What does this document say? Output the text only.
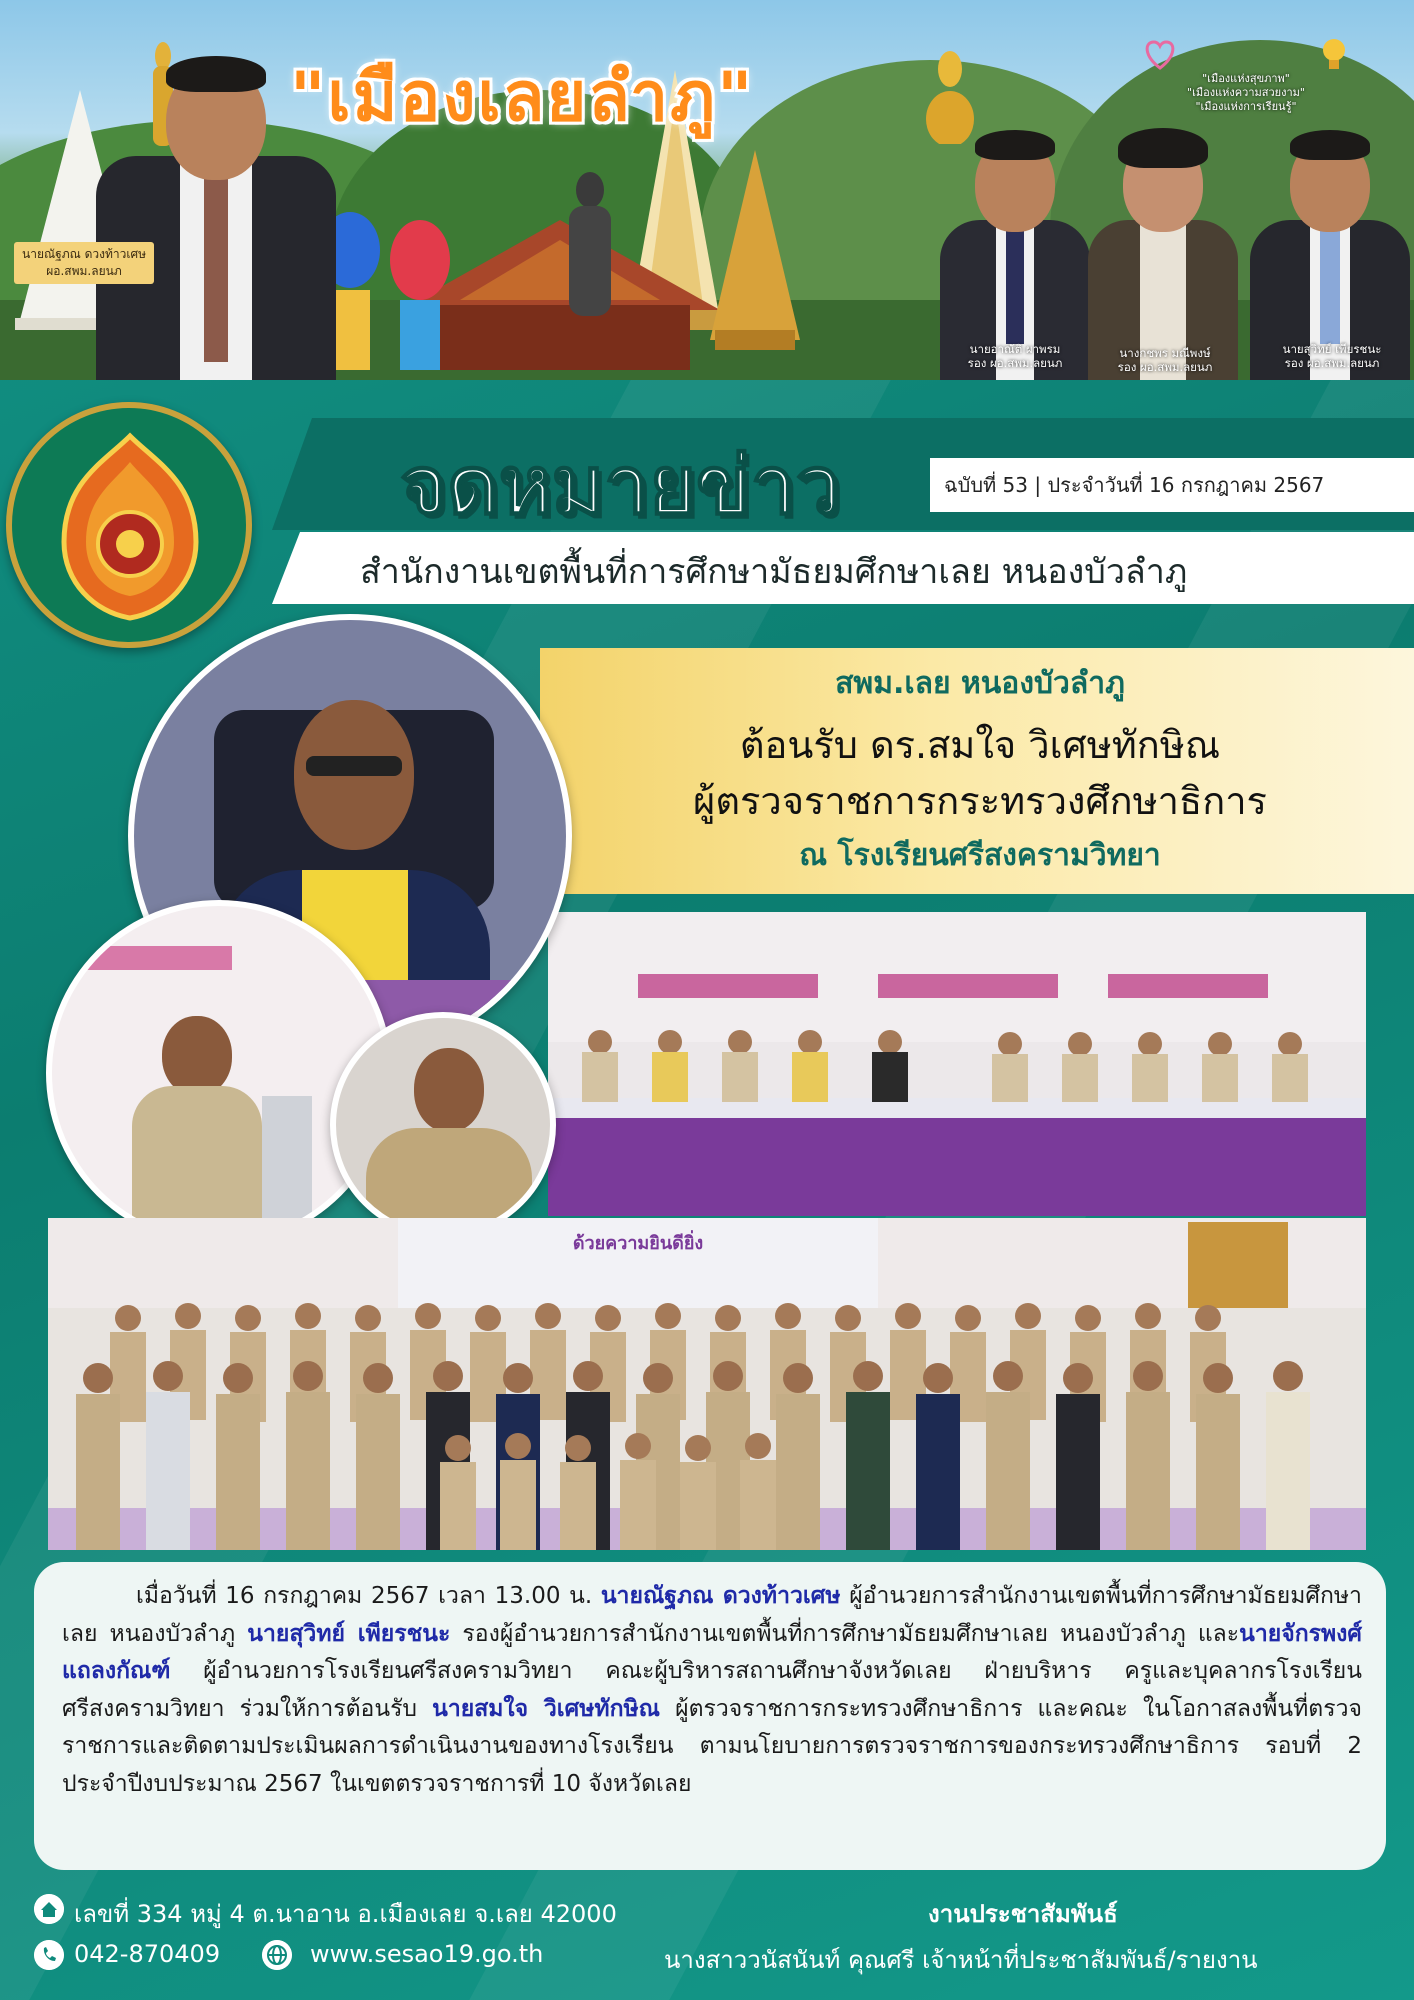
"เมืองเลยลำภู"
นายณัฐภณ ดวงท้าวเศษ
ผอ.สพม.ลยนภ
"เมืองแห่งสุขภาพ"
"เมืองแห่งความสวยงาม"
"เมืองแห่งการเรียนรู้"
นายอาณัติ ผาพรม
รอง ผอ.สพม.ลยนภ
นางกชพร มณีพงษ์
รอง ผอ.สพม.ลยนภ
นายสุวิทย์ เพียรชนะ
รอง ผอ.สพม.ลยนภ
จดหมายข่าว	ฉบับที่ 53 | ประจำวันที่ 16 กรกฎาคม 2567
สำนักงานเขตพื้นที่การศึกษามัธยมศึกษาเลย หนองบัวลำภู
สพม.เลย หนองบัวลำภู
ต้อนรับ ดร.สมใจ วิเศษทักษิณ
ผู้ตรวจราชการกระทรวงศึกษาธิการ
ณ โรงเรียนศรีสงครามวิทยา
ด้วยความยินดียิ่ง
เมื่อวันที่ 16 กรกฎาคม 2567 เวลา 13.00 น. นายณัฐภณ ดวงท้าวเศษ ผู้อำนวยการสำนักงานเขตพื้นที่การศึกษามัธยมศึกษาเลย หนองบัวลำภู นายสุวิทย์ เพียรชนะ รองผู้อำนวยการสำนักงานเขตพื้นที่การศึกษามัธยมศึกษาเลย หนองบัวลำภู และนายจักรพงศ์ แถลงกัณฑ์ ผู้อำนวยการโรงเรียนศรีสงครามวิทยา คณะผู้บริหารสถานศึกษาจังหวัดเลย ฝ่ายบริหาร ครูและบุคลากรโรงเรียนศรีสงครามวิทยา ร่วมให้การต้อนรับ นายสมใจ วิเศษทักษิณ ผู้ตรวจราชการกระทรวงศึกษาธิการ และคณะ ในโอกาสลงพื้นที่ตรวจราชการและติดตามประเมินผลการดำเนินงานของทางโรงเรียน ตามนโยบายการตรวจราชการของกระทรวงศึกษาธิการ รอบที่ 2 ประจำปีงบประมาณ 2567 ในเขตตรวจราชการที่ 10 จังหวัดเลย
เลขที่ 334 หมู่ 4 ต.นาอาน อ.เมืองเลย จ.เลย 42000
042-870409	www.sesao19.go.th
งานประชาสัมพันธ์
นางสาววนัสนันท์ คุณศรี เจ้าหน้าที่ประชาสัมพันธ์/รายงาน
